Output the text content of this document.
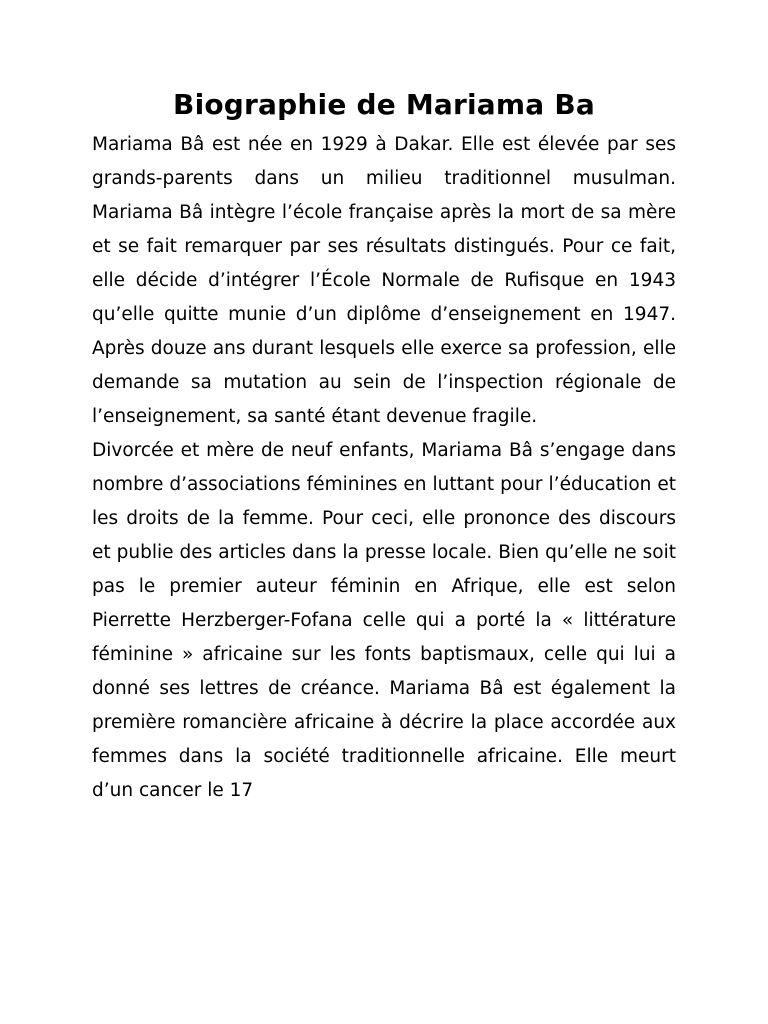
Biographie de Mariama Ba

Mariama Bâ est née en 1929 à Dakar. Elle est élevée par ses grands-parents dans un milieu traditionnel musulman. Mariama Bâ intègre l’école française après la mort de sa mère et se fait remarquer par ses résultats distingués. Pour ce fait, elle décide d’intégrer l’École Normale de Rufisque en 1943 qu’elle quitte munie d’un diplôme d’enseignement en 1947. Après douze ans durant lesquels elle exerce sa profession, elle demande sa mutation au sein de l’inspection régionale de l’enseignement, sa santé étant devenue fragile.

Divorcée et mère de neuf enfants, Mariama Bâ s’engage dans nombre d’associations féminines en luttant pour l’éducation et les droits de la femme. Pour ceci, elle prononce des discours et publie des articles dans la presse locale. Bien qu’elle ne soit pas le premier auteur féminin en Afrique, elle est selon Pierrette Herzberger-Fofana celle qui a porté la « littérature féminine » africaine sur les fonts baptismaux, celle qui lui a donné ses lettres de créance. Mariama Bâ est également la première romancière africaine à décrire la place accordée aux femmes dans la société traditionnelle africaine. Elle meurt d’un cancer le 17
